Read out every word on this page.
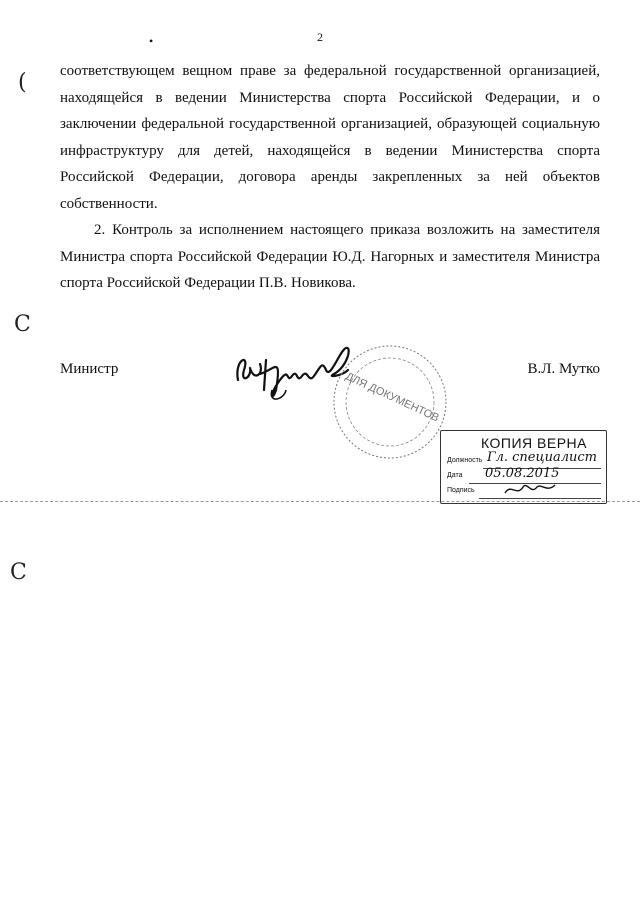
•	2
(
C
C

соответствующем вещном праве за федеральной государственной организацией, находящейся в ведении Министерства спорта Российской Федерации, и о заключении федеральной государственной организацией, образующей социальную инфраструктуру для детей, находящейся в ведении Министерства спорта Российской Федерации, договора аренды закрепленных за ней объектов собственности.

2. Контроль за исполнением настоящего приказа возложить на заместителя Министра спорта Российской Федерации Ю.Д. Нагорных и заместителя Министра спорта Российской Федерации П.В. Новикова.

Министр	В.Л. Мутко
ДЛЯ ДОКУМЕНТОВ
КОПИЯ ВЕРНА
Должность Гл. специалист
Дата 05.08.2015
Подпись
